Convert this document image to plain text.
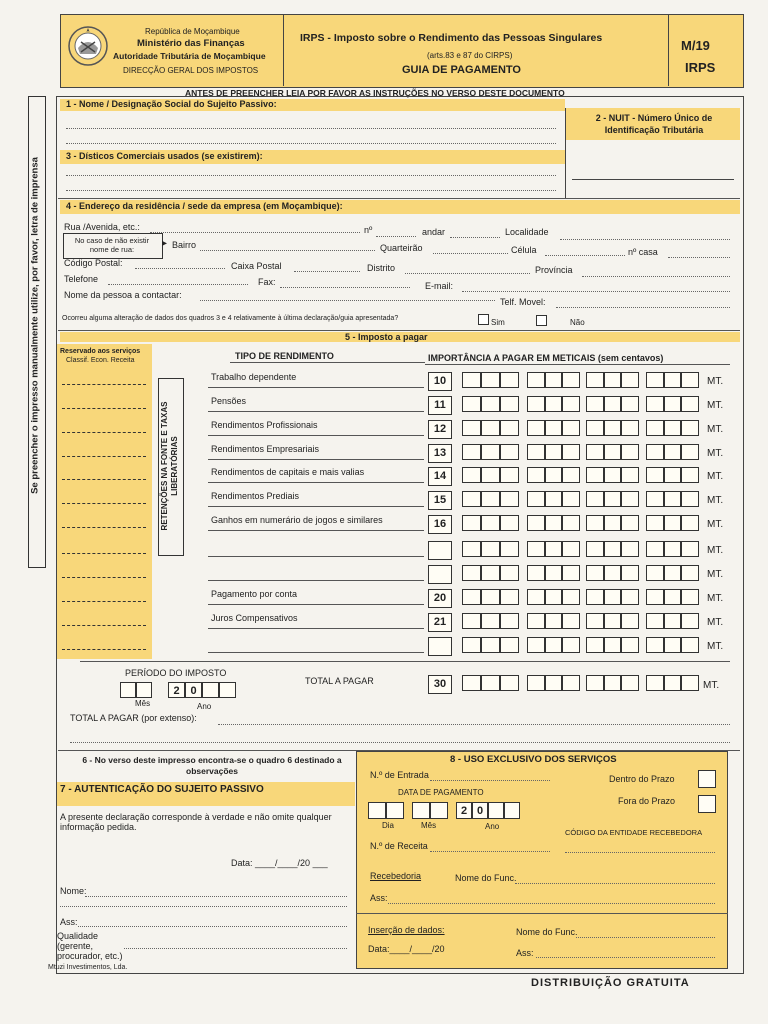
Se preencher o impresso manualmente utilize, por favor, letra de imprensa
República de Moçambique
Ministério das Finanças
Autoridade Tributária de Moçambique
DIRECÇÃO GERAL DOS IMPOSTOS
IRPS - Imposto sobre o Rendimento das Pessoas Singulares
(arts.83 e 87 do CIRPS)
GUIA DE PAGAMENTO
M/19
IRPS
ANTES DE PREENCHER LEIA POR FAVOR AS INSTRUÇÕES NO VERSO DESTE DOCUMENTO
1 - Nome / Designação Social do Sujeito Passivo:
2 - NUIT - Número Único de Identificação Tributária
3 - Dísticos Comerciais usados (se existirem):
4 - Endereço da residência / sede da empresa (em Moçambique):
Rua /Avenida, etc.:	nº	andar	Localidade
No caso de não existir nome de rua:
▸ Bairro	Quarteirão	Célula	nº casa
Código Postal:	Caixa Postal	Distrito	Província
Telefone	Fax:	E-mail:
Nome da pessoa a contactar:
Telf. Movel:
Ocorreu alguma alteração de dados dos quadros 3 e 4 relativamente à última declaração/guia apresentada?	Sim	Não
5 - Imposto a pagar
Reservado aos serviços
Classif. Econ. Receita	TIPO DE RENDIMENTO	IMPORTÂNCIA A PAGAR EM METICAIS (sem centavos)
RETENÇÕES NA FONTE E TAXAS LIBERATÓRIAS
Trabalho dependente	10	MT.
Pensões	11	MT.
Rendimentos Profissionais	12	MT.
Rendimentos Empresariais	13	MT.
Rendimentos de capitais e mais valias	14	MT.
Rendimentos Prediais	15	MT.
Ganhos em numerário de jogos e similares	16	MT.
MT.
MT.
Pagamento por conta	20	MT.
Juros Compensativos	21	MT.
MT.
30	MT.
PERÍODO DO IMPOSTO
2 0
Mês	Ano
TOTAL A PAGAR
TOTAL A PAGAR (por extenso):
6 - No verso deste impresso encontra-se o quadro 6 destinado a observações
7 - AUTENTICAÇÃO DO SUJEITO PASSIVO
A presente declaração corresponde à verdade e não omite qualquer informação pedida.
Data: ____/____/20 ___
Nome:
Ass:
Qualidade (gerente, procurador, etc.)
8 - USO EXCLUSIVO DOS SERVIÇOS
N.º de Entrada	Dentro do Prazo
Fora do Prazo
DATA DE PAGAMENTO
2 0
Dia	Mês	Ano
CÓDIGO DA ENTIDADE RECEBEDORA
N.º de Receita
Recebedoria	Nome do Func.
Ass:
Inserção de dados:	Nome do Func.
Data:____/____/20	Ass:
Mtuzi Investimentos, Lda.
DISTRIBUIÇÃO GRATUITA
